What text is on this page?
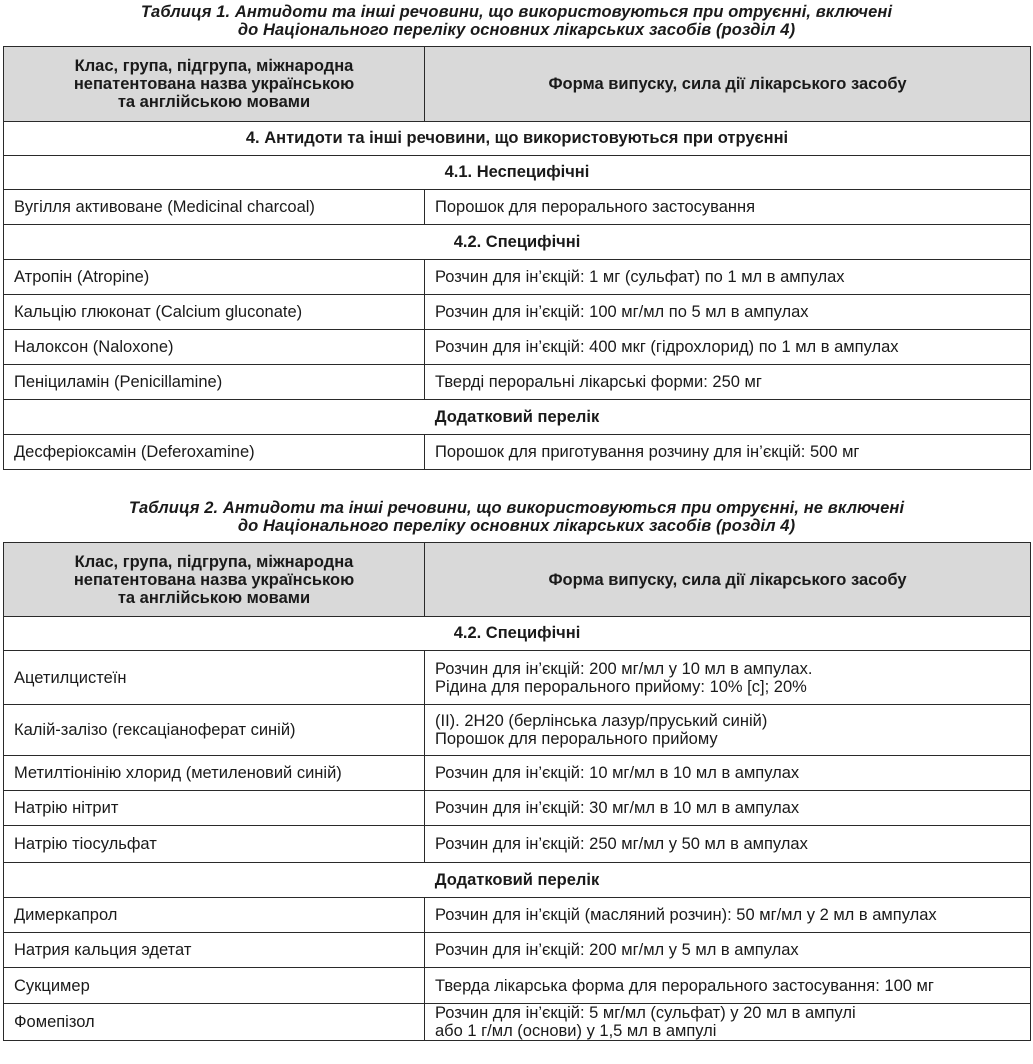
Таблиця 1. Антидоти та інші речовини, що використовуються при отруєнні, включені
до Національного переліку основних лікарських засобів (розділ 4)
Клас, група, підгрупа, міжнародна
непатентована назва українською
та англійською мовами	Форма випуску, сила дії лікарського засобу
4. Антидоти та інші речовини, що використовуються при отруєнні	
4.1. Неспецифічні	
Вугілля активоване (Medicinal charcoal)	Порошок для перорального застосування

4.2. Специфічні	
Атропін (Atropine)	Розчин для ін’єкцій: 1 мг (сульфат) по 1 мл в ампулах

Кальцію глюконат (Calcium gluconate)	Розчин для ін’єкцій: 100 мг/мл по 5 мл в ампулах

Налоксон (Naloxone)	Розчин для ін’єкцій: 400 мкг (гідрохлорид) по 1 мл в ампулах

Пеніциламін (Penicillamine)	Тверді пероральні лікарські форми: 250 мг

Додатковий перелік	
Десферіоксамін (Deferoxamine)	Порошок для приготування розчину для ін’єкцій: 500 мг
Таблиця 2. Антидоти та інші речовини, що використовуються при отруєнні, не включені
до Національного переліку основних лікарських засобів (розділ 4)
Клас, група, підгрупа, міжнародна
непатентована назва українською
та англійською мовами	Форма випуску, сила дії лікарського засобу
4.2. Специфічні	
Ацетилцистеїн	Розчин для ін’єкцій: 200 мг/мл у 10 мл в ампулах.
Рідина для перорального прийому: 10% [c]; 20%

Калій-залізо (гексаціаноферат синій)	(II). 2H20 (берлінська лазур/пруський синій)
Порошок для перорального прийому

Метилтіонінію хлорид (метиленовий синій)	Розчин для ін’єкцій: 10 мг/мл в 10 мл в ампулах

Натрію нітрит	Розчин для ін’єкцій: 30 мг/мл в 10 мл в ампулах

Натрію тіосульфат	Розчин для ін’єкцій: 250 мг/мл у 50 мл в ампулах

Додатковий перелік	
Димеркапрол	Розчин для ін’єкцій (масляний розчин): 50 мг/мл у 2 мл в ампулах

Натрия кальция эдетат	Розчин для ін’єкцій: 200 мг/мл у 5 мл в ампулах

Сукцимер	Тверда лікарська форма для перорального застосування: 100 мг

Фомепізол	Розчин для ін’єкцій: 5 мг/мл (сульфат) у 20 мл в ампулі
або 1 г/мл (основи) у 1,5 мл в ампулі
